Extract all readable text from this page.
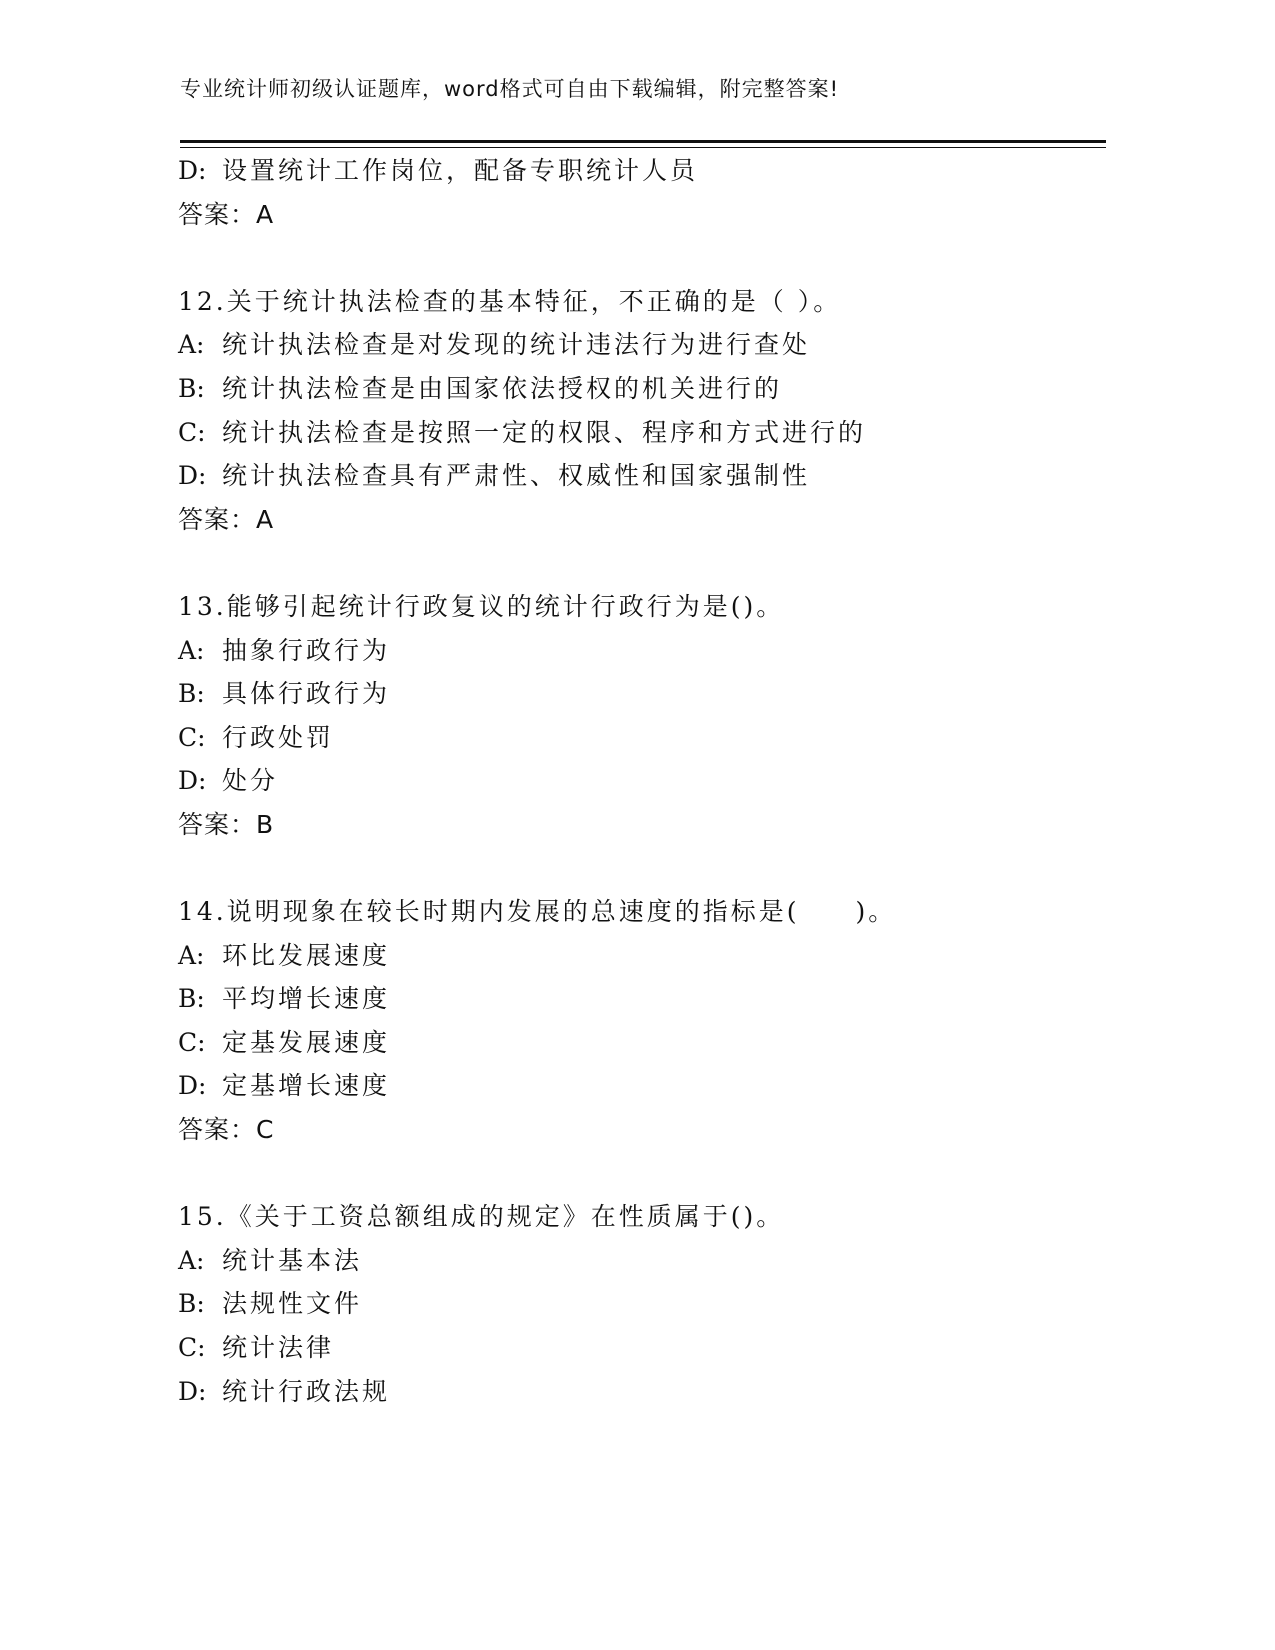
专业统计师初级认证题库，word格式可自由下载编辑，附完整答案!
D: 设置统计工作岗位，配备专职统计人员
答案：A
12.关于统计执法检查的基本特征，不正确的是（ ）。
A: 统计执法检查是对发现的统计违法行为进行查处
B: 统计执法检查是由国家依法授权的机关进行的
C: 统计执法检查是按照一定的权限、程序和方式进行的
D: 统计执法检查具有严肃性、权威性和国家强制性
答案：A
13.能够引起统计行政复议的统计行政行为是()。
A: 抽象行政行为
B: 具体行政行为
C: 行政处罚
D: 处分
答案：B
14.说明现象在较长时期内发展的总速度的指标是(　　)。
A: 环比发展速度
B: 平均增长速度
C: 定基发展速度
D: 定基增长速度
答案：C
15.《关于工资总额组成的规定》在性质属于()。
A: 统计基本法
B: 法规性文件
C: 统计法律
D: 统计行政法规
